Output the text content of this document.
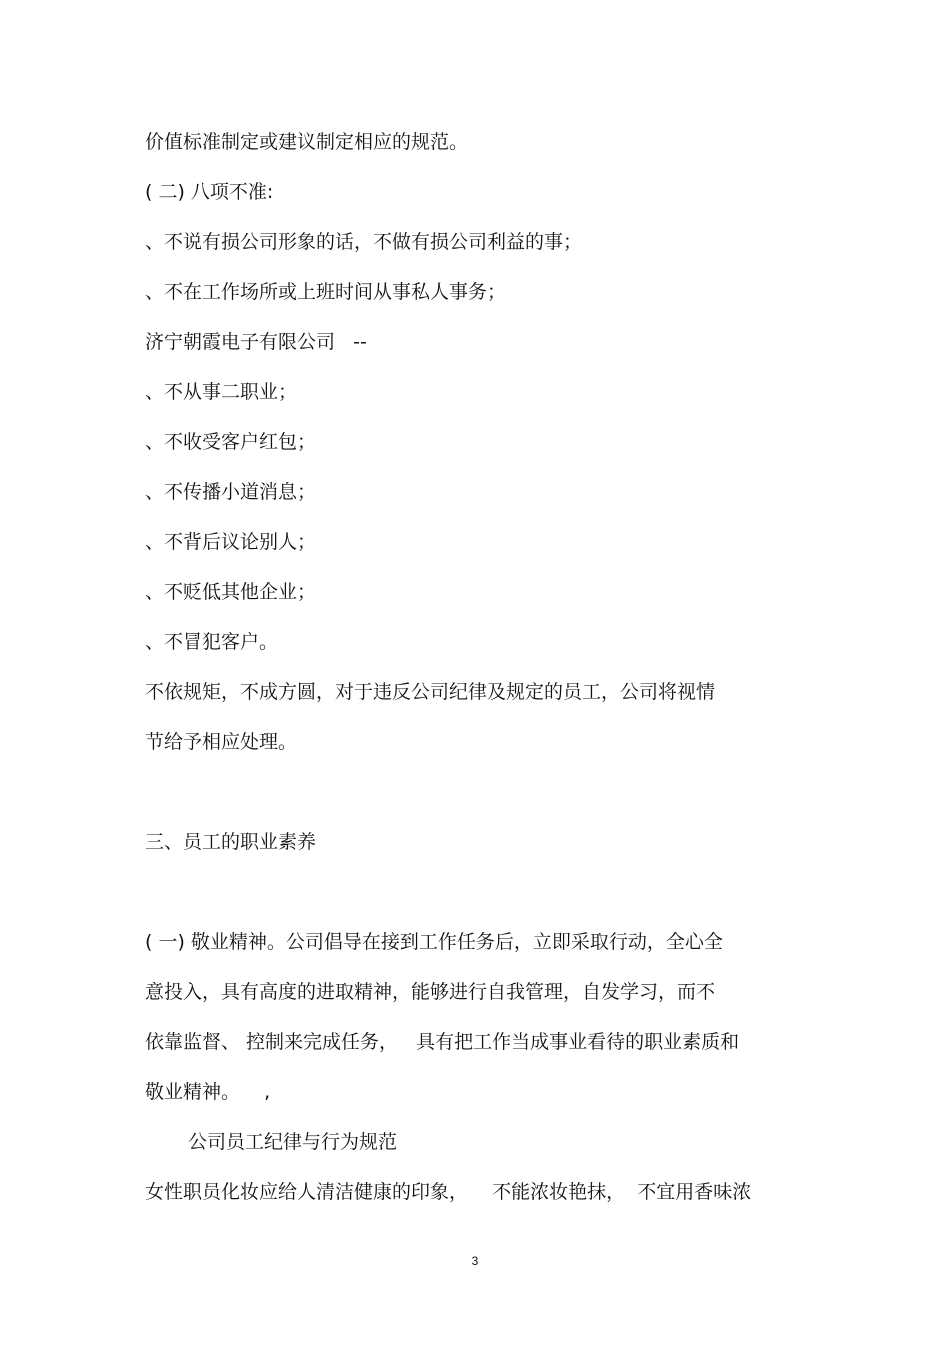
价值标准制定或建议制定相应的规范。

( 二) 八项不准:

、不说有损公司形象的话，不做有损公司利益的事；

、不在工作场所或上班时间从事私人事务；

济宁朝霞电子有限公司   --

、不从事二职业；

、不收受客户红包；

、不传播小道消息；

、不背后议论别人；

、不贬低其他企业；

、不冒犯客户。

不依规矩，不成方圆，对于违反公司纪律及规定的员工，公司将视情

节给予相应处理。

三、员工的职业素养

( 一) 敬业精神。公司倡导在接到工作任务后，立即采取行动，全心全

意投入，具有高度的进取精神，能够进行自我管理，自发学习，而不

依靠监督、 控制来完成任务，   具有把工作当成事业看待的职业素质和

敬业精神。    ,

公司员工纪律与行为规范

女性职员化妆应给人清洁健康的印象，    不能浓妆艳抹，  不宜用香味浓

3
